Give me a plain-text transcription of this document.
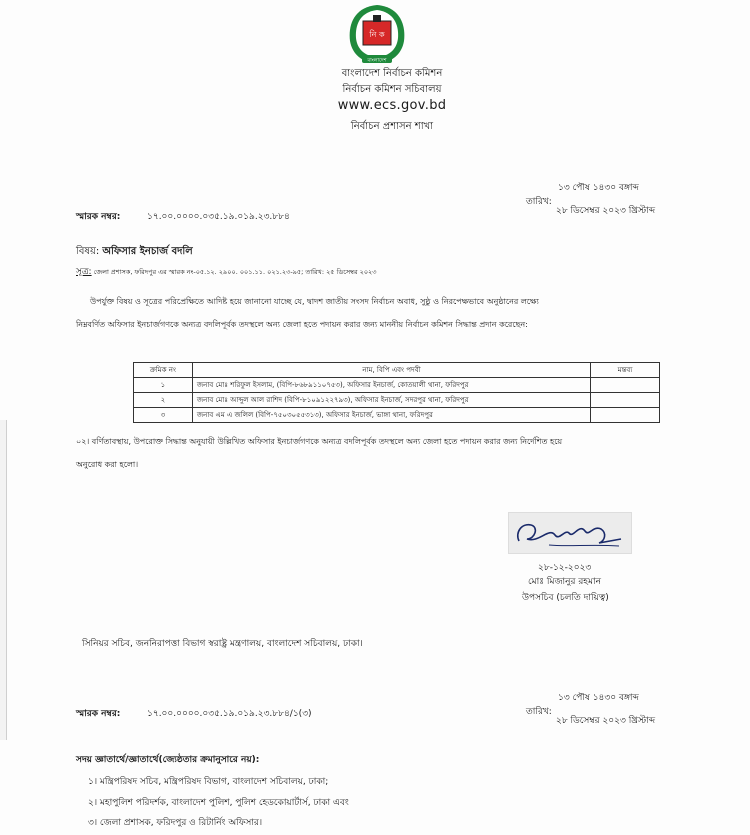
নি ক
বাংলাদেশ
বাংলাদেশ নির্বাচন কমিশন
নির্বাচন কমিশন সচিবালয়
www.ecs.gov.bd
নির্বাচন প্রশাসন শাখা
১৩ পৌষ ১৪৩০ বঙ্গাব্দ
তারিখ:
২৮ ডিসেম্বর ২০২৩ খ্রিস্টাব্দ
স্মারক নম্বর:	১৭.০০.০০০০.০৩৫.১৯.০১৯.২৩.৮৮৪
বিষয়: অফিসার ইনচার্জ বদলি
সূত্র: জেলা প্রশাসক, ফরিদপুর এর স্মারক নং-০৫.১২. ২৯০০. ০০১.১১. ০২১.২৩-৯৫; তারিখ: ২৫ ডিসেম্বর ২০২৩
উপর্যুক্ত বিষয় ও সূত্রের পরিপ্রেক্ষিতে আদিষ্ট হয়ে জানানো যাচ্ছে যে, দ্বাদশ জাতীয় সংসদ নির্বাচন অবাধ, সুষ্ঠু ও নিরপেক্ষভাবে অনুষ্ঠানের লক্ষ্যে
নিম্নবর্ণিত অফিসার ইনচার্জগণকে অন্যত্র বদলিপূর্বক তদস্থলে অন্য জেলা হতে পদায়ন করার জন্য মাননীয় নির্বাচন কমিশন সিদ্ধান্ত প্রদান করেছেন:
ক্রমিক নং	নাম, বিপি এবং পদবী	মন্তব্য
১	জনাব মোঃ শরিফুল ইসলাম, (বিপি-৮৬৮৯১১০৭৫৩), অফিসার ইনচার্জ, কোতয়ালী থানা, ফরিদপুর	
২	জনাব মোঃ আব্দুল আল রাশিদ (বিপি-৮১০৯১২২৭৯৩), অফিসার ইনচার্জ, সদরপুর থানা, ফরিদপুর	
৩	জনাব এম এ জলিল (বিপি-৭৫০৩০৫৫৩১৩), অফিসার ইনচার্জ, ভাঙ্গা থানা, ফরিদপুর	
০২। বর্ণিতাবস্থায়, উপরোক্ত সিদ্ধান্ত অনুযায়ী উল্লিখিত অফিসার ইনচার্জগণকে অন্যত্র বদলিপূর্বক তদস্থলে অন্য জেলা হতে পদায়ন করার জন্য নির্দেশিত হয়ে
অনুরোধ করা হলো।
২৮-১২-২০২৩
মোঃ মিজানুর রহমান
উপসচিব (চলতি দায়িত্ব)
সিনিয়র সচিব, জননিরাপত্তা বিভাগ স্বরাষ্ট্র মন্ত্রণালয়, বাংলাদেশ সচিবালয়, ঢাকা।
১৩ পৌষ ১৪৩০ বঙ্গাব্দ
তারিখ:
২৮ ডিসেম্বর ২০২৩ খ্রিস্টাব্দ
স্মারক নম্বর:	১৭.০০.০০০০.০৩৫.১৯.০১৯.২৩.৮৮৪/১(৩)
সদয় জ্ঞাতার্থে/জ্ঞাতার্থে(জ্যেষ্ঠতার ক্রমানুসারে নয়):
১। মন্ত্রিপরিষদ সচিব, মন্ত্রিপরিষদ বিভাগ, বাংলাদেশ সচিবালয়, ঢাকা;
২। মহাপুলিশ পরিদর্শক, বাংলাদেশ পুলিশ, পুলিশ হেডকোয়ার্টার্স, ঢাকা এবং
৩। জেলা প্রশাসক, ফরিদপুর ও রিটার্নিং অফিসার।
